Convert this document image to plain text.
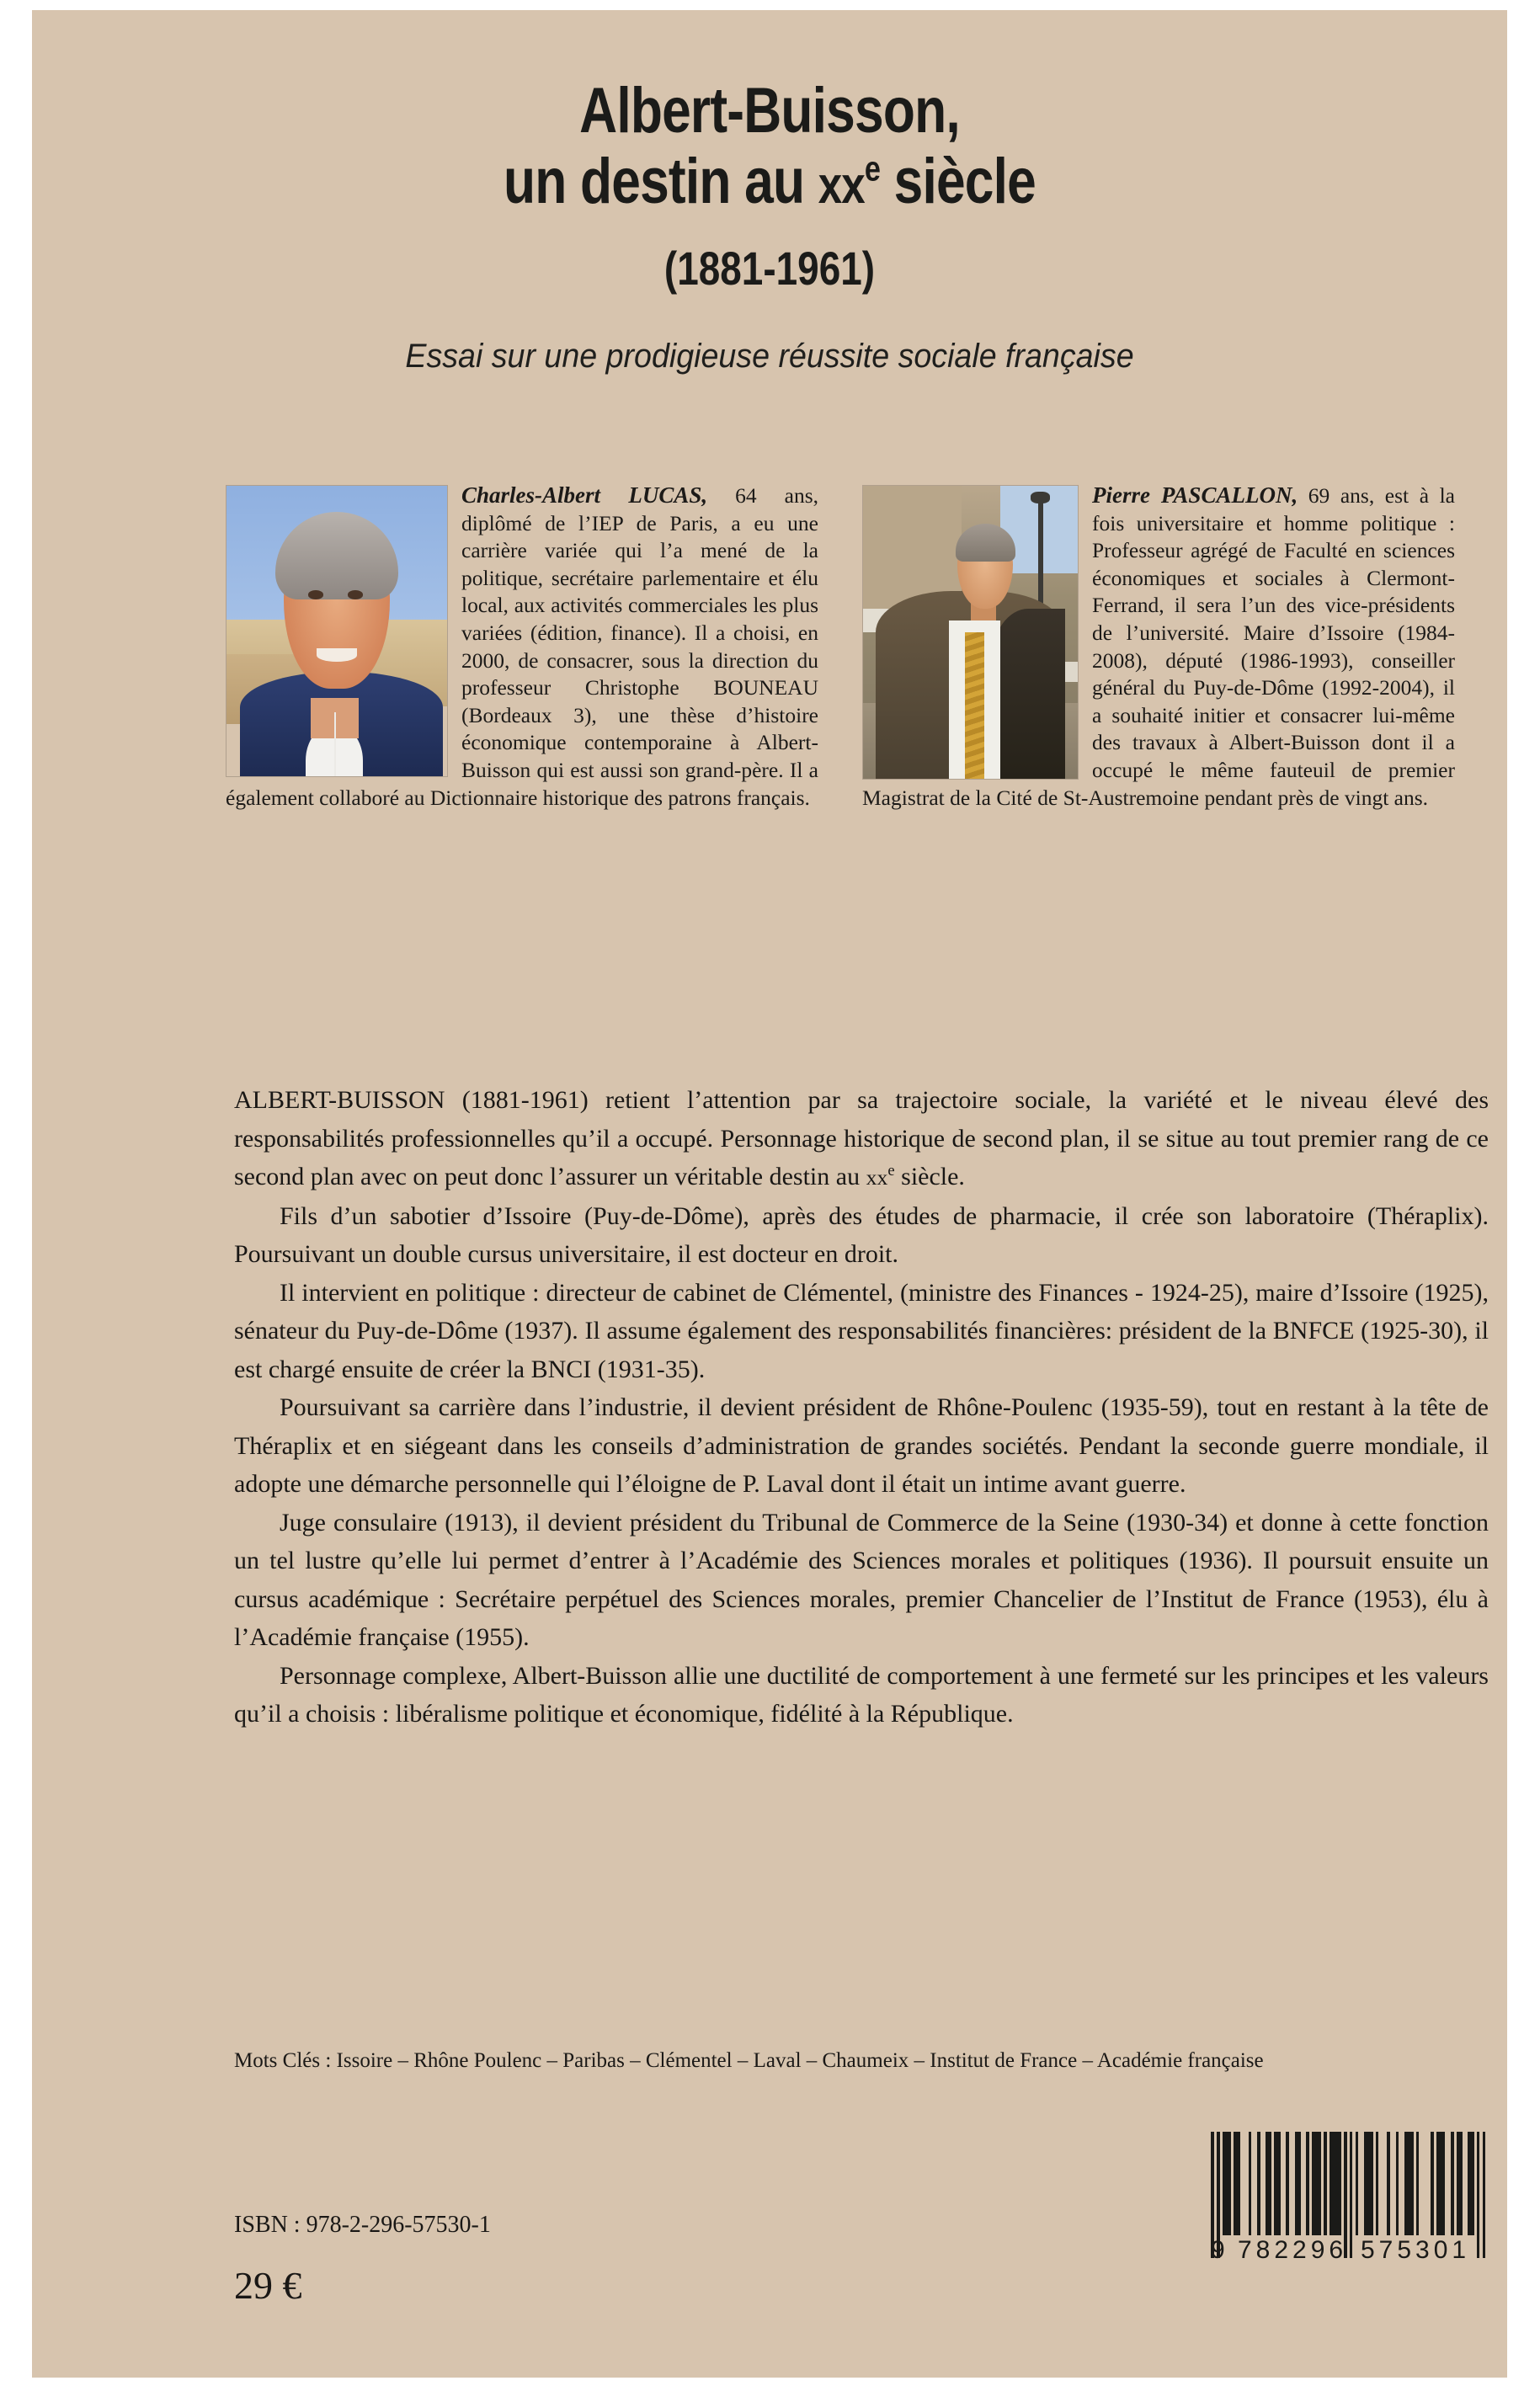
Albert-Buisson,
un destin au $xx^e$ siècle
(1881-1961)
Essai sur une prodigieuse réussite sociale française
Charles-Albert LUCAS, 64 ans, diplômé de l’IEP de Paris, a eu une carrière variée qui l’a mené de la politique, secrétaire parlementaire et élu local, aux activités commerciales les plus variées (édition, finance). Il a choisi, en 2000, de consacrer, sous la direction du professeur Christophe BOUNEAU (Bordeaux 3), une thèse d’histoire économique contemporaine à Albert-Buisson qui est aussi son grand-père. Il a également collaboré au Dictionnaire historique des patrons français.
Pierre PASCALLON, 69 ans, est à la fois universitaire et homme politique : Professeur agrégé de Faculté en sciences économiques et sociales à Clermont-Ferrand, il sera l’un des vice-présidents de l’université. Maire d’Issoire (1984-2008), député (1986-1993), conseiller général du Puy-de-Dôme (1992-2004), il a souhaité initier et consacrer lui-même des travaux à Albert-Buisson dont il a occupé le même fauteuil de premier Magistrat de la Cité de St-Austremoine pendant près de vingt ans.

ALBERT-BUISSON (1881-1961) retient l’attention par sa trajectoire sociale, la variété et le niveau élevé des responsabilités professionnelles qu’il a occupé. Personnage historique de second plan, il se situe au tout premier rang de ce second plan avec on peut donc l’assurer un véritable destin au $xx^e$ siècle.

Fils d’un sabotier d’Issoire (Puy-de-Dôme), après des études de pharmacie, il crée son laboratoire (Théraplix). Poursuivant un double cursus universitaire, il est docteur en droit.

Il intervient en politique : directeur de cabinet de Clémentel, (ministre des Finances - 1924-25), maire d’Issoire (1925), sénateur du Puy-de-Dôme (1937). Il assume également des responsabilités financières: président de la BNFCE (1925-30), il est chargé ensuite de créer la BNCI (1931-35).

Poursuivant sa carrière dans l’industrie, il devient président de Rhône-Poulenc (1935-59), tout en restant à la tête de Théraplix et en siégeant dans les conseils d’administration de grandes sociétés. Pendant la seconde guerre mondiale, il adopte une démarche personnelle qui l’éloigne de P. Laval dont il était un intime avant guerre.

Juge consulaire (1913), il devient président du Tribunal de Commerce de la Seine (1930-34) et donne à cette fonction un tel lustre qu’elle lui permet d’entrer à l’Académie des Sciences morales et politiques (1936). Il poursuit ensuite un cursus académique : Secrétaire perpétuel des Sciences morales, premier Chancelier de l’Institut de France (1953), élu à l’Académie française (1955).

Personnage complexe, Albert-Buisson allie une ductilité de comportement à une fermeté sur les principes et les valeurs qu’il a choisis : libéralisme politique et économique, fidélité à la République.

Mots Clés : Issoire – Rhône Poulenc – Paribas – Clémentel – Laval – Chaumeix – Institut de France – Académie française
ISBN : 978-2-296-57530-1
29 €
9 782296 575301
